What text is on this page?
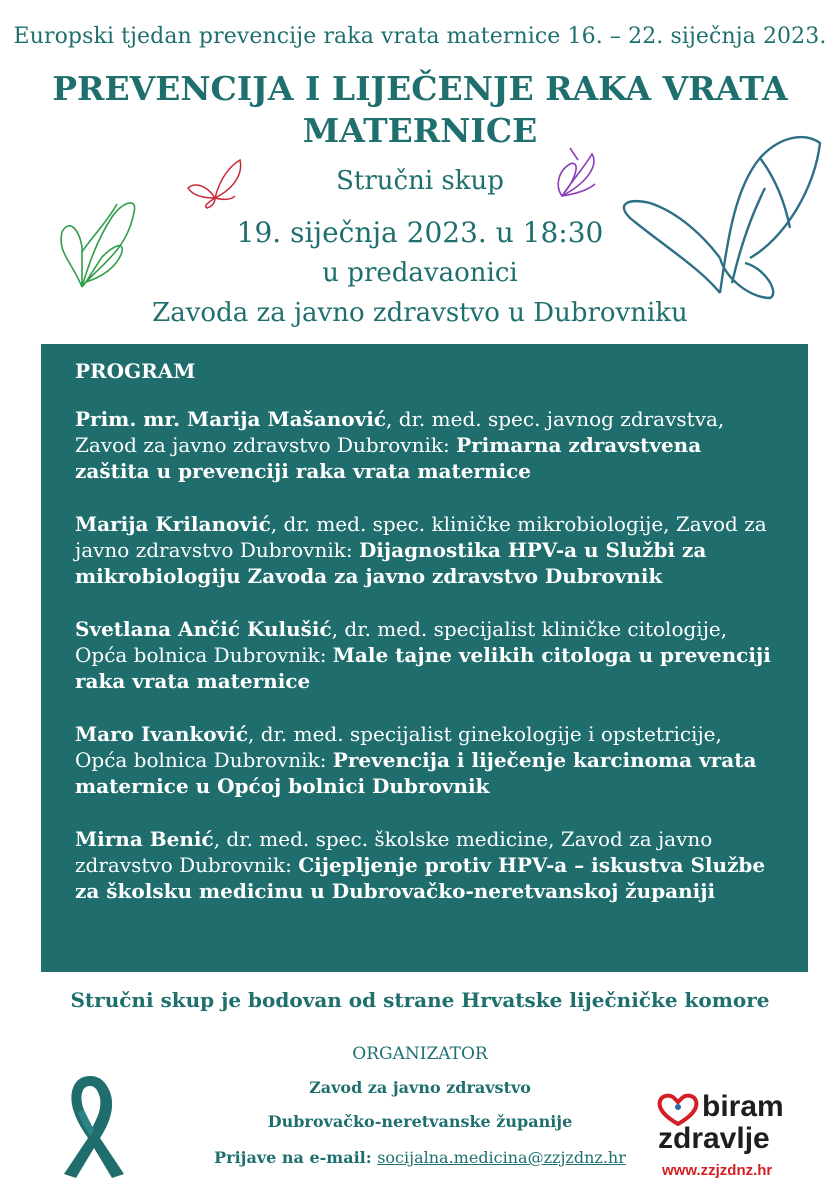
Europski tjedan prevencije raka vrata maternice 16. – 22. siječnja 2023.
PREVENCIJA I LIJEČENJE RAKA VRATA MATERNICE
Stručni skup
19. siječnja 2023. u 18:30
u predavaonici
Zavoda za javno zdravstvo u Dubrovniku
PROGRAM
Prim. mr. Marija Mašanović, dr. med. spec. javnog zdravstva, Zavod za javno zdravstvo Dubrovnik: Primarna zdravstvena zaštita u prevenciji raka vrata maternice
Marija Krilanović, dr. med. spec. kliničke mikrobiologije, Zavod za javno zdravstvo Dubrovnik: Dijagnostika HPV-a u Službi za mikrobiologiju Zavoda za javno zdravstvo Dubrovnik
Svetlana Ančić Kulušić, dr. med. specijalist kliničke citologije, Opća bolnica Dubrovnik: Male tajne velikih citologa u prevenciji raka vrata maternice
Maro Ivanković, dr. med. specijalist ginekologije i opstetricije, Opća bolnica Dubrovnik: Prevencija i liječenje karcinoma vrata maternice u Općoj bolnici Dubrovnik
Mirna Benić, dr. med. spec. školske medicine, Zavod za javno zdravstvo Dubrovnik: Cijepljenje protiv HPV-a – iskustva Službe za školsku medicinu u Dubrovačko-neretvanskoj županiji
Stručni skup je bodovan od strane Hrvatske liječničke komore
ORGANIZATOR
Zavod za javno zdravstvo
Dubrovačko-neretvanske županije
Prijave na e-mail: socijalna.medicina@zzjzdnz.hr
biram
zdravlje
www.zzjzdnz.hr
